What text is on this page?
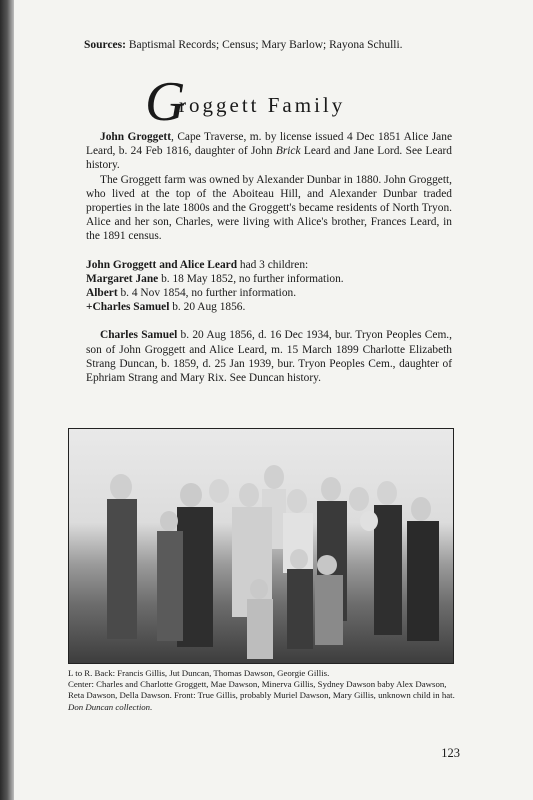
Sources: Baptismal Records; Census; Mary Barlow; Rayona Schulli.
G
roggett Family

John Groggett, Cape Traverse, m. by license issued 4 Dec 1851 Alice Jane Leard, b. 24 Feb 1816, daughter of John Brick Leard and Jane Lord. See Leard history.

The Groggett farm was owned by Alexander Dunbar in 1880. John Groggett, who lived at the top of the Aboiteau Hill, and Alexander Dunbar traded properties in the late 1800s and the Groggett's became residents of North Tryon. Alice and her son, Charles, were living with Alice's brother, Frances Leard, in the 1891 census.

John Groggett and Alice Leard had 3 children:

Margaret Jane b. 18 May 1852, no further information.

Albert b. 4 Nov 1854, no further information.

+Charles Samuel b. 20 Aug 1856.

Charles Samuel b. 20 Aug 1856, d. 16 Dec 1934, bur. Tryon Peoples Cem., son of John Groggett and Alice Leard, m. 15 March 1899 Charlotte Elizabeth Strang Duncan, b. 1859, d. 25 Jan 1939, bur. Tryon Peoples Cem., daughter of Ephriam Strang and Mary Rix. See Duncan history.

L to R. Back: Francis Gillis, Jut Duncan, Thomas Dawson, Georgie Gillis.

Center: Charles and Charlotte Groggett, Mae Dawson, Minerva Gillis, Sydney Dawson baby Alex Dawson, Reta Dawson, Della Dawson. Front: True Gillis, probably Muriel Dawson, Mary Gillis, unknown child in hat. Don Duncan collection.

123
